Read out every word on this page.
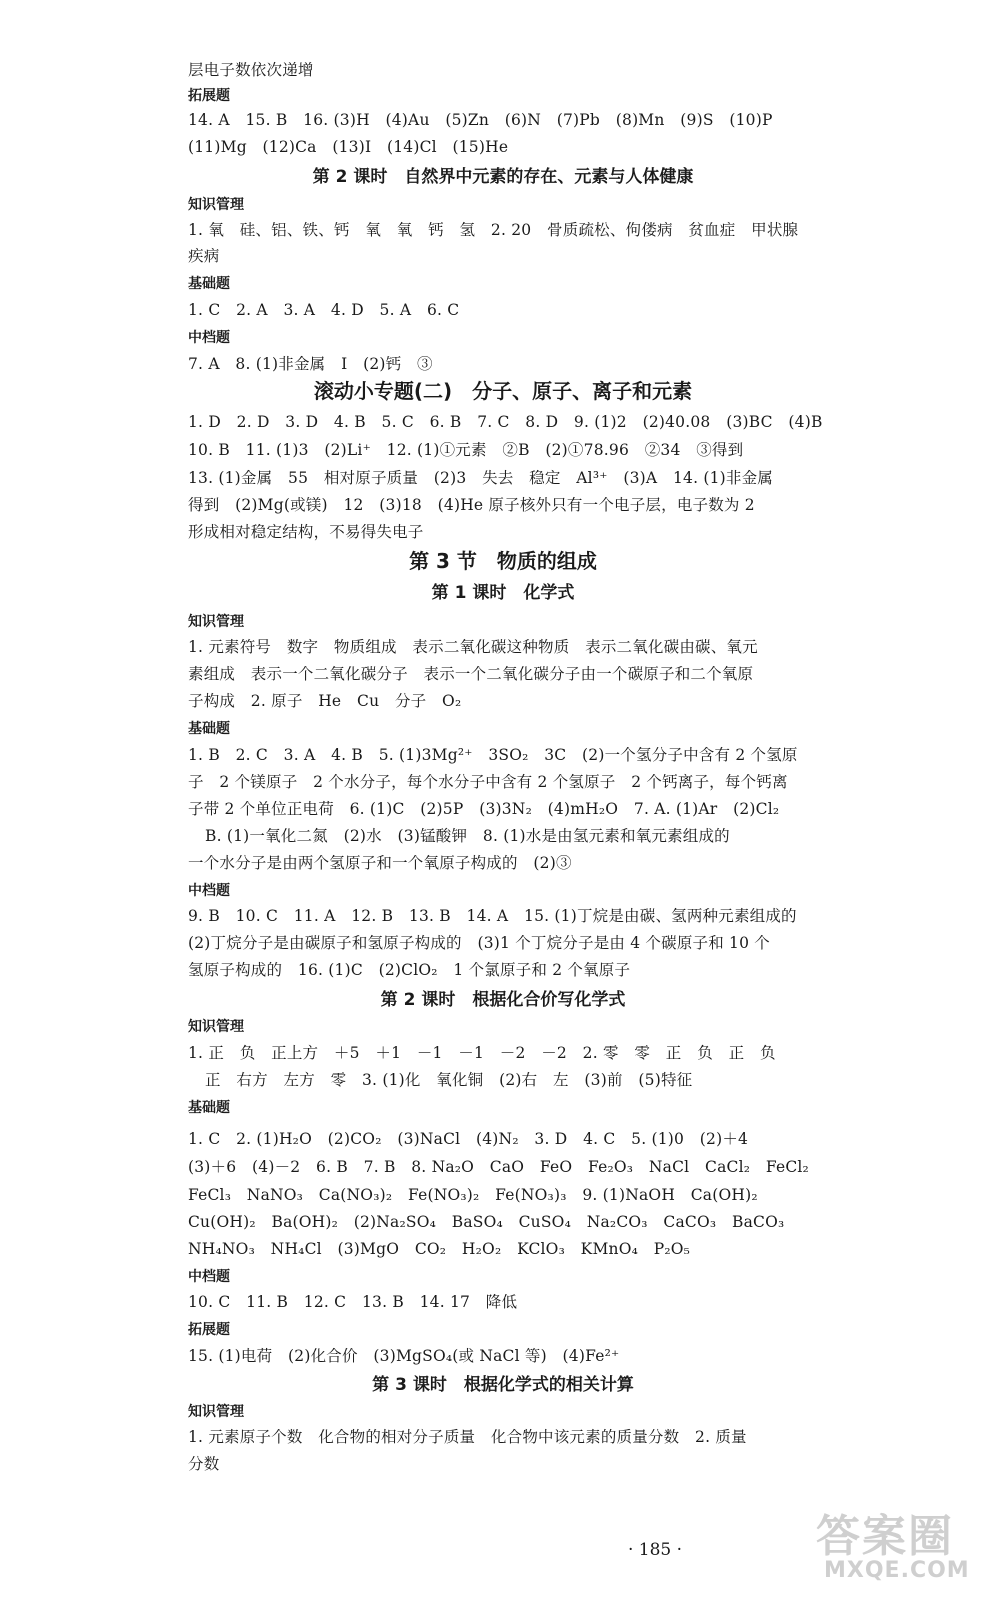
层电子数依次递增
拓展题
14. A　15. B　16. (3)H　(4)Au　(5)Zn　(6)N　(7)Pb　(8)Mn　(9)S　(10)P
(11)Mg　(12)Ca　(13)I　(14)Cl　(15)He
第 2 课时　自然界中元素的存在、元素与人体健康
知识管理
1. 氧　硅、铝、铁、钙　氧　氧　钙　氢　2. 20　骨质疏松、佝偻病　贫血症　甲状腺
疾病
基础题
1. C　2. A　3. A　4. D　5. A　6. C
中档题
7. A　8. (1)非金属　I　(2)钙　③
滚动小专题(二)　分子、原子、离子和元素
1. D　2. D　3. D　4. B　5. C　6. B　7. C　8. D　9. (1)2　(2)40.08　(3)BC　(4)B
10. B　11. (1)3　(2)Li⁺　12. (1)①元素　②B　(2)①78.96　②34　③得到
13. (1)金属　55　相对原子质量　(2)3　失去　稳定　Al³⁺　(3)A　14. (1)非金属
得到　(2)Mg(或镁)　12　(3)18　(4)He 原子核外只有一个电子层，电子数为 2
形成相对稳定结构，不易得失电子
第 3 节　物质的组成
第 1 课时　化学式
知识管理
1. 元素符号　数字　物质组成　表示二氧化碳这种物质　表示二氧化碳由碳、氧元
素组成　表示一个二氧化碳分子　表示一个二氧化碳分子由一个碳原子和二个氧原
子构成　2. 原子　He　Cu　分子　O₂
基础题
1. B　2. C　3. A　4. B　5. (1)3Mg²⁺　3SO₂　3C　(2)一个氢分子中含有 2 个氢原
子　2 个镁原子　2 个水分子，每个水分子中含有 2 个氢原子　2 个钙离子，每个钙离
子带 2 个单位正电荷　6. (1)C　(2)5P　(3)3N₂　(4)mH₂O　7. A. (1)Ar　(2)Cl₂
B. (1)一氧化二氮　(2)水　(3)锰酸钾　8. (1)水是由氢元素和氧元素组成的
一个水分子是由两个氢原子和一个氧原子构成的　(2)③
中档题
9. B　10. C　11. A　12. B　13. B　14. A　15. (1)丁烷是由碳、氢两种元素组成的
(2)丁烷分子是由碳原子和氢原子构成的　(3)1 个丁烷分子是由 4 个碳原子和 10 个
氢原子构成的　16. (1)C　(2)ClO₂　1 个氯原子和 2 个氧原子
第 2 课时　根据化合价写化学式
知识管理
1. 正　负　正上方　＋5　＋1　－1　－1　－2　－2　2. 零　零　正　负　正　负
正　右方　左方　零　3. (1)化　氧化铜　(2)右　左　(3)前　(5)特征
基础题
1. C　2. (1)H₂O　(2)CO₂　(3)NaCl　(4)N₂　3. D　4. C　5. (1)0　(2)＋4
(3)＋6　(4)－2　6. B　7. B　8. Na₂O　CaO　FeO　Fe₂O₃　NaCl　CaCl₂　FeCl₂
FeCl₃　NaNO₃　Ca(NO₃)₂　Fe(NO₃)₂　Fe(NO₃)₃　9. (1)NaOH　Ca(OH)₂
Cu(OH)₂　Ba(OH)₂　(2)Na₂SO₄　BaSO₄　CuSO₄　Na₂CO₃　CaCO₃　BaCO₃
NH₄NO₃　NH₄Cl　(3)MgO　CO₂　H₂O₂　KClO₃　KMnO₄　P₂O₅
中档题
10. C　11. B　12. C　13. B　14. 17　降低
拓展题
15. (1)电荷　(2)化合价　(3)MgSO₄(或 NaCl 等)　(4)Fe²⁺
第 3 课时　根据化学式的相关计算
知识管理
1. 元素原子个数　化合物的相对分子质量　化合物中该元素的质量分数　2. 质量
分数
· 185 ·	答案圈
MXQE.COM
